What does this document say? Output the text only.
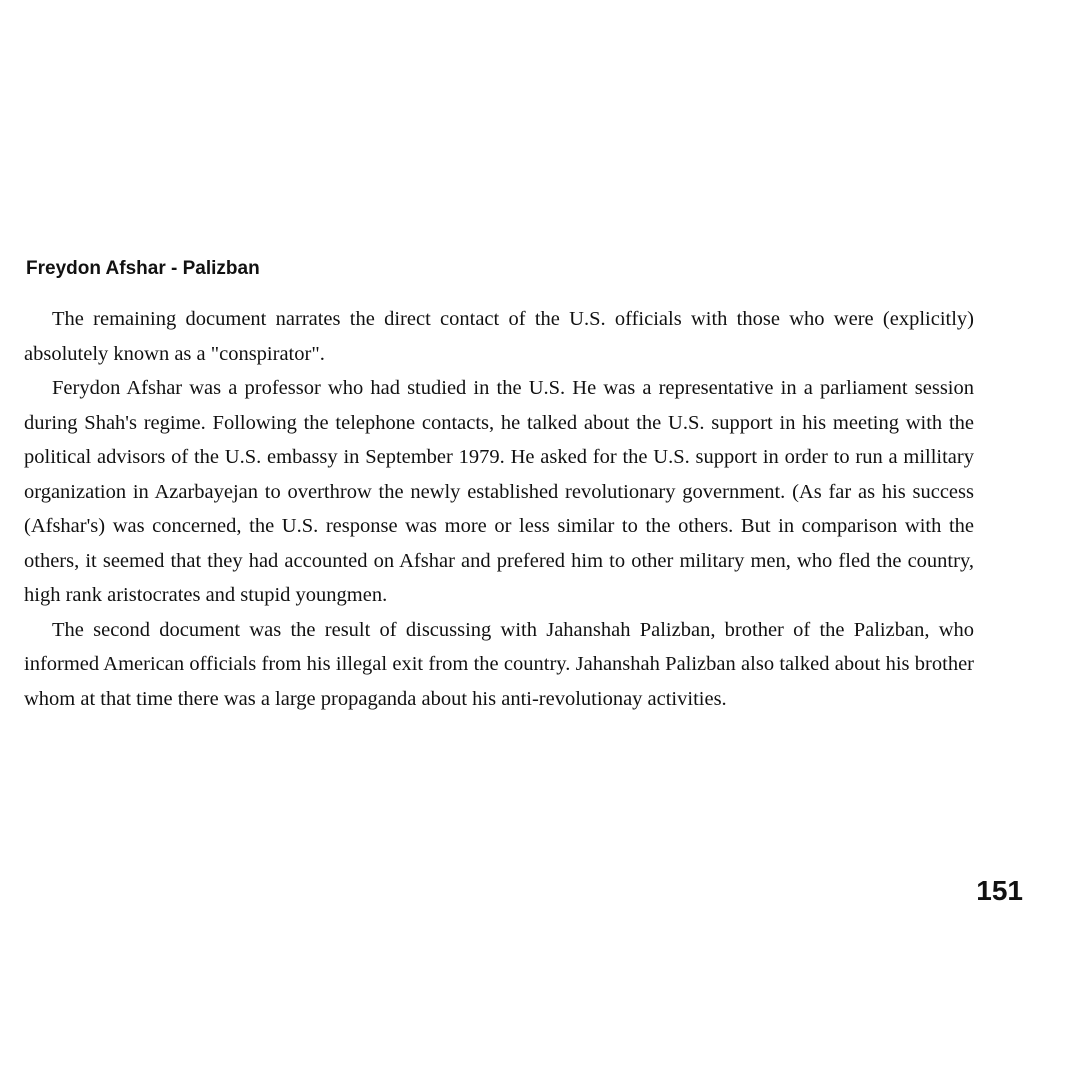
Freydon Afshar - Palizban

The remaining document narrates the direct contact of the U.S. officials with those who were (explicitly) absolutely known as a "conspirator".

Ferydon Afshar was a professor who had studied in the U.S. He was a representative in a parliament session during Shah's regime. Following the telephone contacts, he talked about the U.S. support in his meeting with the political advisors of the U.S. embassy in September 1979. He asked for the U.S. support in order to run a millitary organization in Azarbayejan to overthrow the newly established revolutionary government. (As far as his success (Afshar's) was concerned, the U.S. response was more or less similar to the others. But in comparison with the others, it seemed that they had accounted on Afshar and prefered him to other military men, who fled the country, high rank aristocrates and stupid youngmen.

The second document was the result of discussing with Jahanshah Palizban, brother of the Palizban, who informed American officials from his illegal exit from the country. Jahanshah Palizban also talked about his brother whom at that time there was a large propaganda about his anti-revolutionay activities.

151
